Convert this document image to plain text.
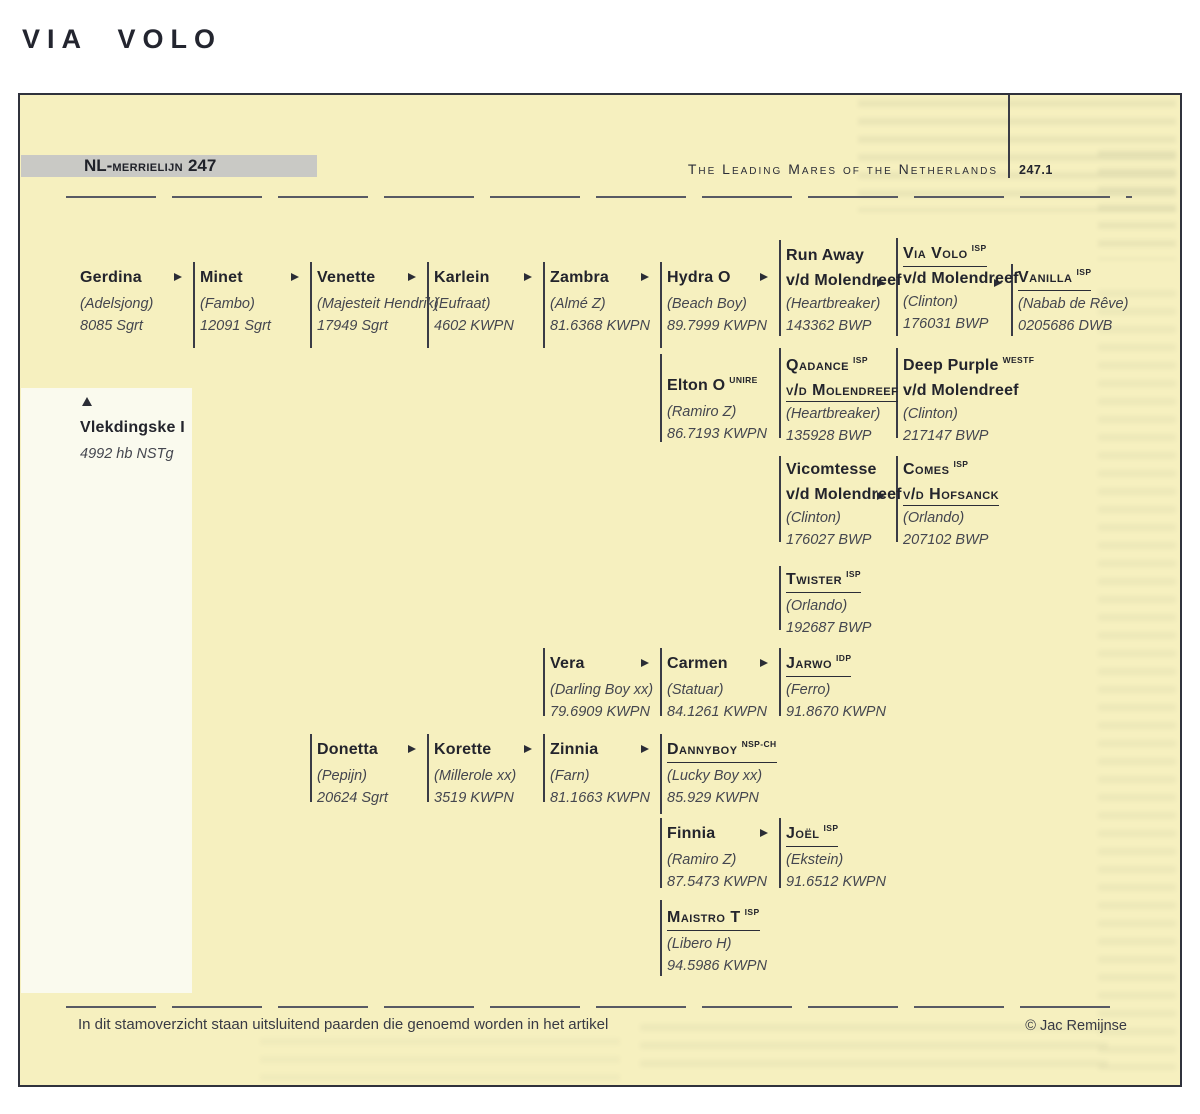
VIA VOLO
NL-merrielijn 247	The Leading Mares of the Netherlands 247.1
Gerdina
(Adelsjong)
8085 Sgrt
Minet
(Fambo)
12091 Sgrt
Venette
(Majesteit Hendrik)
17949 Sgrt
Karlein
(Eufraat)
4602 KWPN
Zambra
(Almé Z)
81.6368 KWPN
Hydra O
(Beach Boy)
89.7999 KWPN
Run Away
v/d Molendreef
(Heartbreaker)
143362 BWP
Via Volo $^{ISP}$
v/d Molendreef
(Clinton)
176031 BWP
Vanilla $^{ISP}$
(Nabab de Rêve)
0205686 DWB
Elton O $^{UNIRE}$
(Ramiro Z)
86.7193 KWPN
Qadance $^{ISP}$
v/d Molendreef
(Heartbreaker)
135928 BWP
Deep Purple $^{WESTF}$
v/d Molendreef
(Clinton)
217147 BWP
Vicomtesse
v/d Molendreef
(Clinton)
176027 BWP
Comes $^{ISP}$
v/d Hofsanck
(Orlando)
207102 BWP
Twister $^{ISP}$
(Orlando)
192687 BWP
Vera
(Darling Boy xx)
79.6909 KWPN
Carmen
(Statuar)
84.1261 KWPN
Jarwo $^{IDP}$
(Ferro)
91.8670 KWPN
Donetta
(Pepijn)
20624 Sgrt
Korette
(Millerole xx)
3519 KWPN
Zinnia
(Farn)
81.1663 KWPN
Dannyboy $^{NSP-CH}$
(Lucky Boy xx)
85.929 KWPN
Finnia
(Ramiro Z)
87.5473 KWPN
Joël $^{ISP}$
(Ekstein)
91.6512 KWPN
Maistro T $^{ISP}$
(Libero H)
94.5986 KWPN
Vlekdingske I
4992 hb NSTg
In dit stamoverzicht staan uitsluitend paarden die genoemd worden in het artikel	© Jac Remijnse
